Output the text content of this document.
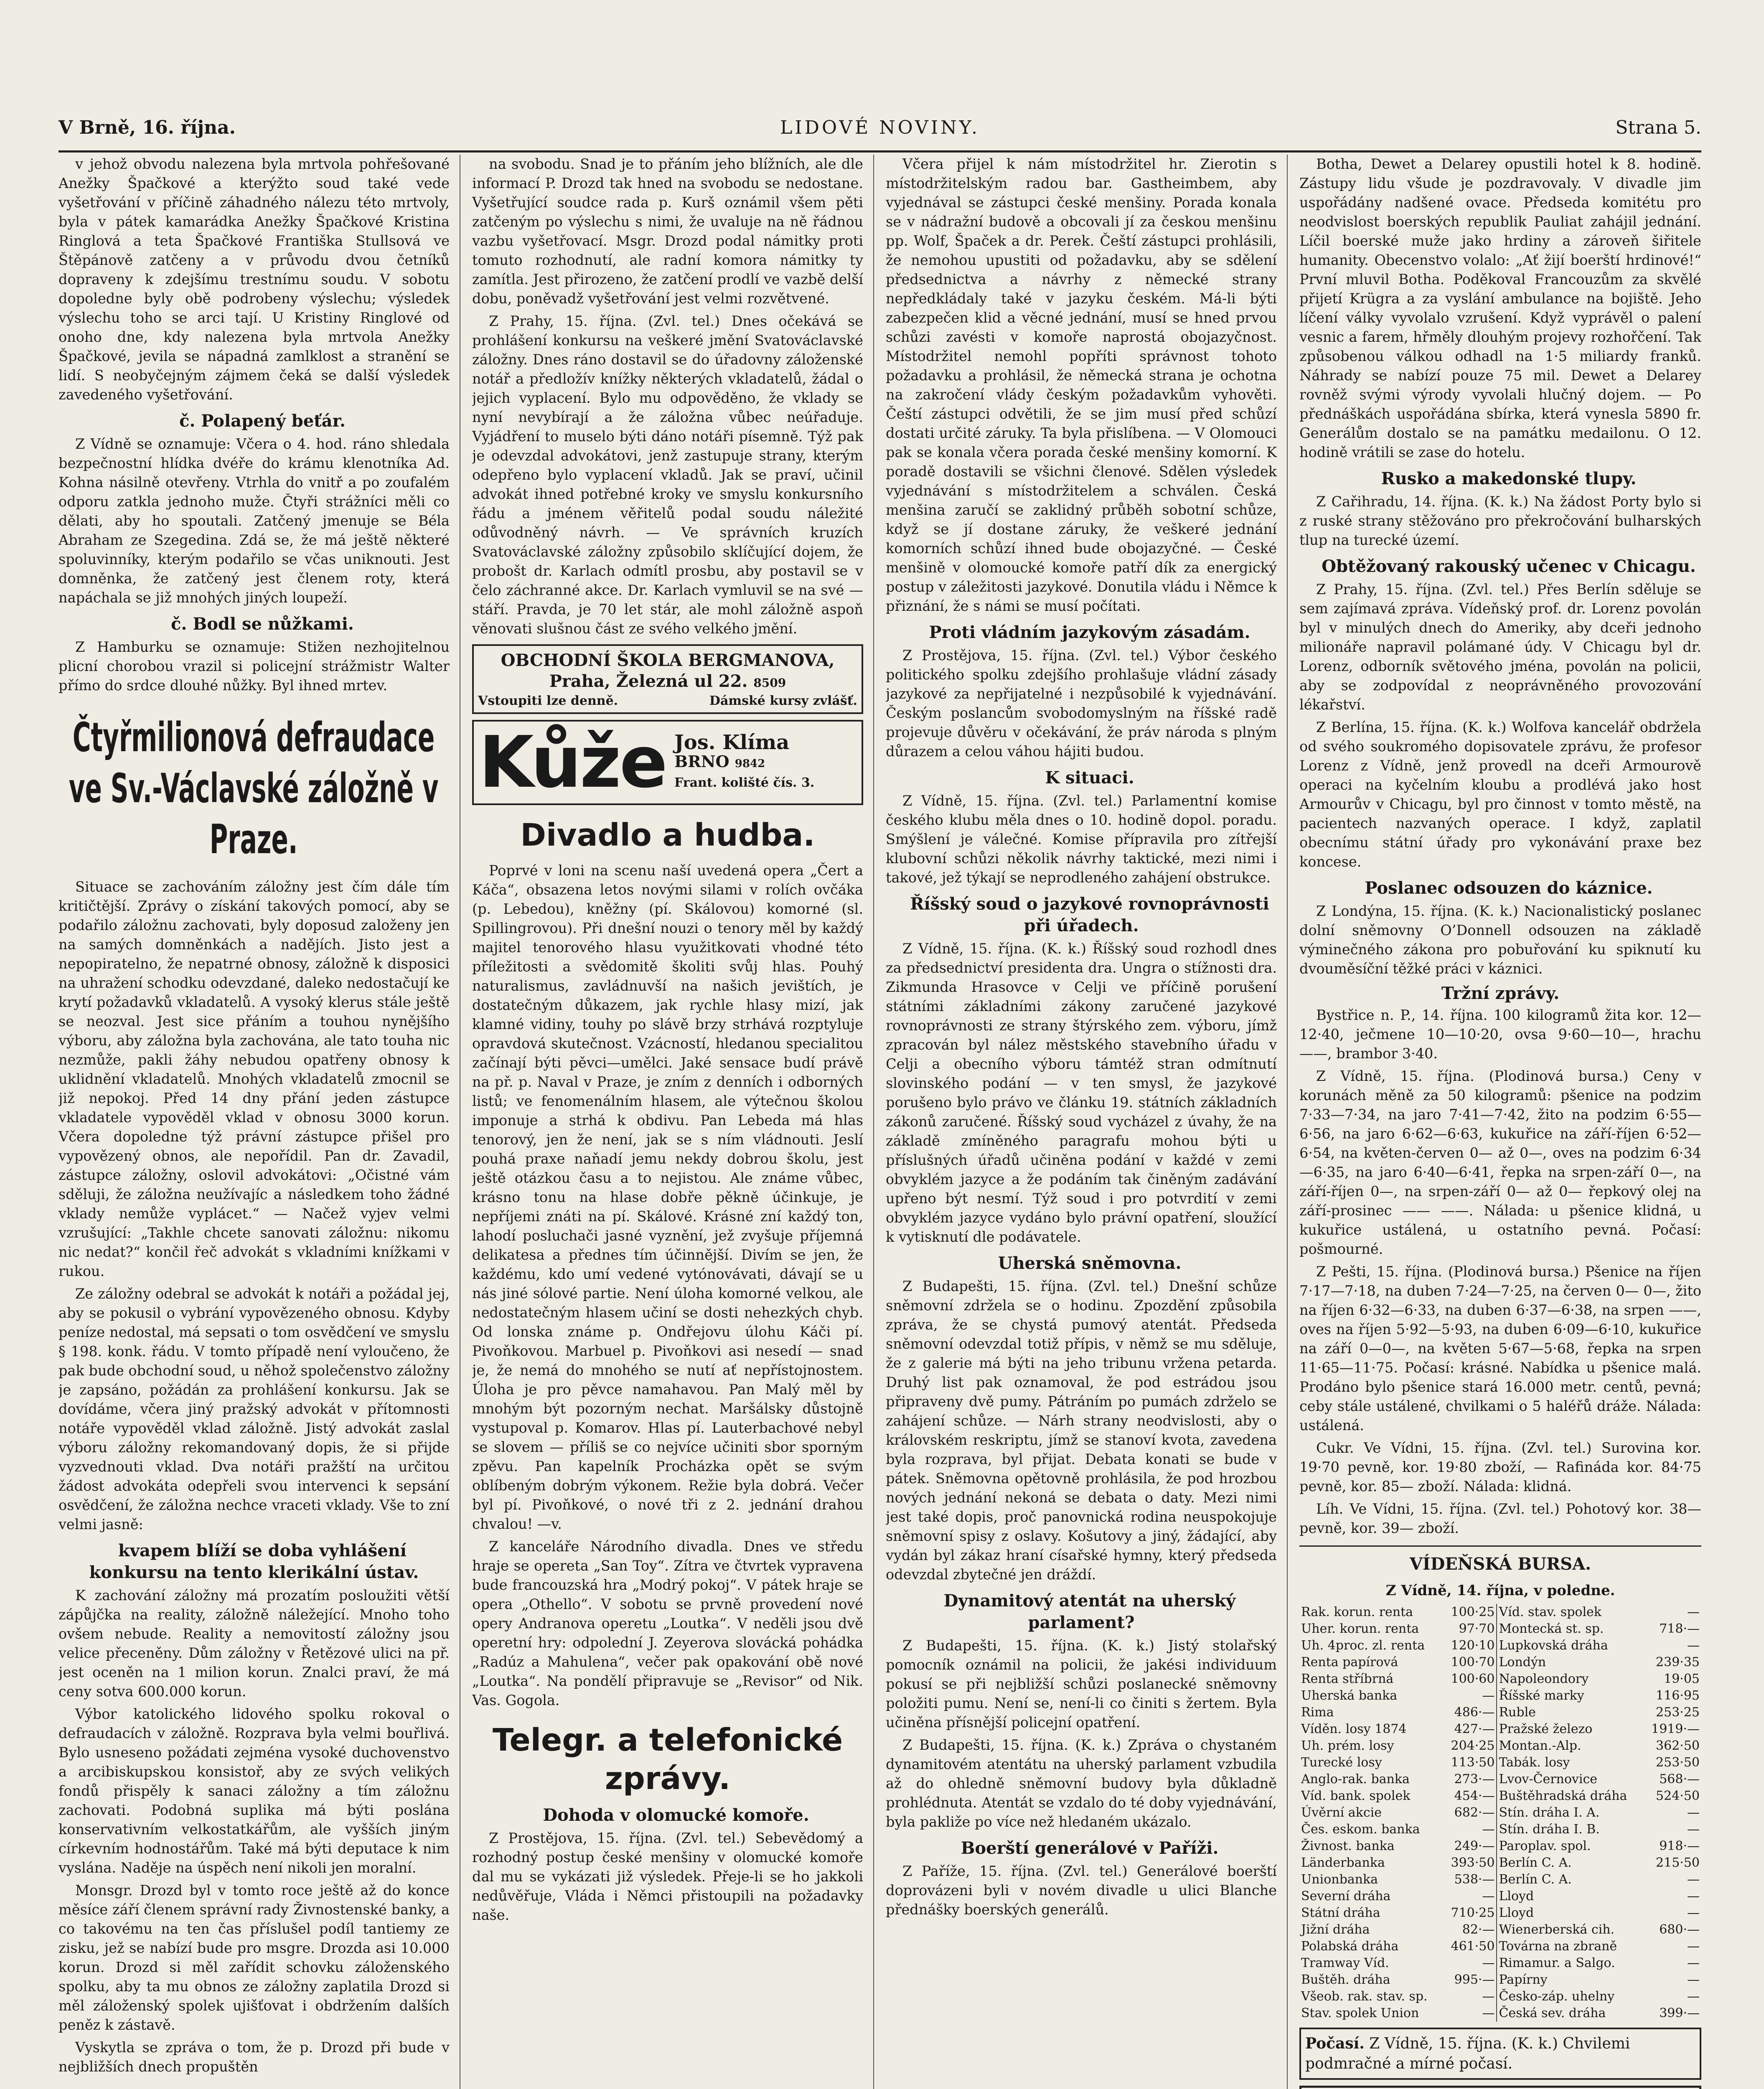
V Brně, 16. října.	LIDOVÉ NOVINY.	Strana 5.

v jehož obvodu nalezena byla mrtvola pohřešované Anežky Špačkové a kterýžto soud také vede vyšetřování v příčině záhadného nálezu této mrtvoly, byla v pátek kamarádka Anežky Špačkové Kristina Ringlová a teta Špačkové Františka Stullsová ve Štěpánově zatčeny a v průvodu dvou četníků dopraveny k zdejšímu trestnímu soudu. V sobotu dopoledne byly obě podrobeny výslechu; výsledek výslechu toho se arci tají. U Kristiny Ringlové od onoho dne, kdy nalezena byla mrtvola Anežky Špačkové, jevila se nápadná zamlklost a stranění se lidí. S neobyčejným zájmem čeká se další výsledek zavedeného vyšetřování.

č. Polapený beťár.

Z Vídně se oznamuje: Včera o 4. hod. ráno shledala bezpečnostní hlídka dvéře do krámu klenotníka Ad. Kohna násilně otevřeny. Vtrhla do vnitř a po zoufalém odporu zatkla jednoho muže. Čtyři strážníci měli co dělati, aby ho spoutali. Zatčený jmenuje se Béla Abraham ze Szegedina. Zdá se, že má ještě některé spoluvinníky, kterým podařilo se včas uniknouti. Jest domněnka, že zatčený jest členem roty, která napáchala se již mnohých jiných loupeží.

č. Bodl se nůžkami.

Z Hamburku se oznamuje: Stižen nezhojitelnou plicní chorobou vrazil si policejní strážmistr Walter přímo do srdce dlouhé nůžky. Byl ihned mrtev.

Čtyřmilionová defraudace ve Sv.-Václavské záložně v Praze.

Situace se zachováním záložny jest čím dále tím kritičtější. Zprávy o získání takových pomocí, aby se podařilo záložnu zachovati, byly doposud založeny jen na samých domněnkách a nadějích. Jisto jest a nepopiratelno, že nepatrné obnosy, záložně k disposici na uhražení schodku odevzdané, daleko nedostačují ke krytí požadavků vkladatelů. A vysoký klerus stále ještě se neozval. Jest sice přáním a touhou nynějšího výboru, aby záložna byla zachována, ale tato touha nic nezmůže, pakli žáhy nebudou opatřeny obnosy k uklidnění vkladatelů. Mnohých vkladatelů zmocnil se již nepokoj. Před 14 dny přání jeden zástupce vkladatele vypověděl vklad v obnosu 3000 korun. Včera dopoledne týž právní zástupce přišel pro vypovězený obnos, ale nepořídil. Pan dr. Zavadil, zástupce záložny, oslovil advokátovi: „Očistné vám sděluji, že záložna neužívajíc a následkem toho žádné vklady nemůže vyplácet.“ — Načež vyjev velmi vzrušující: „Takhle chcete sanovati záložnu: nikomu nic nedat?“ končil řeč advokát s vkladními knížkami v rukou.

Ze záložny odebral se advokát k notáři a požádal jej, aby se pokusil o vybrání vypovězeného obnosu. Kdyby peníze nedostal, má sepsati o tom osvědčení ve smyslu § 198. konk. řádu. V tomto případě není vyloučeno, že pak bude obchodní soud, u něhož společenstvo záložny je zapsáno, požádán za prohlášení konkursu. Jak se dovídáme, včera jiný pražský advokát v přítomnosti notáře vypověděl vklad záložně. Jistý advokát zaslal výboru záložny rekomandovaný dopis, že si přijde vyzvednouti vklad. Dva notáři pražští na určitou žádost advokáta odepřeli svou intervenci k sepsání osvědčení, že záložna nechce vraceti vklady. Vše to zní velmi jasně:

kvapem blíží se doba vyhlášení konkursu na tento klerikální ústav.

K zachování záložny má prozatím posloužiti větší zápůjčka na reality, záložně náležející. Mnoho toho ovšem nebude. Reality a nemovitostí záložny jsou velice přeceněny. Dům záložny v Řetězové ulici na př. jest oceněn na 1 milion korun. Znalci praví, že má ceny sotva 600.000 korun.

Výbor katolického lidového spolku rokoval o defraudacích v záložně. Rozprava byla velmi bouřlivá. Bylo usneseno požádati zejména vysoké duchovenstvo a arcibiskupskou konsistoř, aby ze svých velikých fondů přispěly k sanaci záložny a tím záložnu zachovati. Podobná suplika má býti poslána konservativním velkostatkářům, ale vyšších jiným církevním hodnostářům. Také má býti deputace k nim vyslána. Naděje na úspěch není nikoli jen moralní.

Monsgr. Drozd byl v tomto roce ještě až do konce měsíce září členem správní rady Živnostenské banky, a co takovému na ten čas příslušel podíl tantiemy ze zisku, jež se nabízí bude pro msgre. Drozda asi 10.000 korun. Drozd si měl zařídit schovku záloženského spolku, aby ta mu obnos ze záložny zaplatila Drozd si měl záloženský spolek ujišťovat i obdržením dalších peněz k zástavě.

Vyskytla se zpráva o tom, že p. Drozd při bude v nejbližších dnech propuštěn

na svobodu. Snad je to přáním jeho blížních, ale dle informací P. Drozd tak hned na svobodu se nedostane. Vyšetřující soudce rada p. Kurš oznámil všem pěti zatčeným po výslechu s nimi, že uvaluje na ně řádnou vazbu vyšetřovací. Msgr. Drozd podal námitky proti tomuto rozhodnutí, ale radní komora námitky ty zamítla. Jest přirozeno, že zatčení prodlí ve vazbě delší dobu, poněvadž vyšetřování jest velmi rozvětvené.

Z Prahy, 15. října. (Zvl. tel.) Dnes očekává se prohlášení konkursu na veškeré jmění Svatováclavské záložny. Dnes ráno dostavil se do úřadovny záloženské notář a předložív knížky některých vkladatelů, žádal o jejich vyplacení. Bylo mu odpověděno, že vklady se nyní nevybírají a že záložna vůbec neúřaduje. Vyjádření to muselo býti dáno notáři písemně. Týž pak je odevzdal advokátovi, jenž zastupuje strany, kterým odepřeno bylo vyplacení vkladů. Jak se praví, učinil advokát ihned potřebné kroky ve smyslu konkursního řádu a jménem věřitelů podal soudu náležité odůvodněný návrh. — Ve správních kruzích Svatováclavské záložny způsobilo sklíčující dojem, že probošt dr. Karlach odmítl prosbu, aby postavil se v čelo záchranné akce. Dr. Karlach vymluvil se na své — stáří. Pravda, je 70 let stár, ale mohl záložně aspoň věnovati slušnou část ze svého velkého jmění.

OBCHODNÍ ŠKOLA BERGMANOVA,
Praha, Železná ul 22. 8509
Vstoupiti lze denně.	Dámské kursy zvlášť.
Kůže Jos. Klíma
BRNO 9842
Frant. kolišté čís. 3.
Divadlo a hudba.

Poprvé v loni na scenu naší uvedená opera „Čert a Káča“, obsazena letos novými silami v rolích ovčáka (p. Lebedou), kněžny (pí. Skálovou) komorné (sl. Spillingrovou). Při dnešní nouzi o tenory měl by každý majitel tenorového hlasu využitkovati vhodné této příležitosti a svědomitě školiti svůj hlas. Pouhý naturalismus, zavládnuvší na našich jevištích, je dostatečným důkazem, jak rychle hlasy mizí, jak klamné vidiny, touhy po slávě brzy strhává rozptyluje opravdová skutečnost. Vzácností, hledanou specialitou začínají býti pěvci—umělci. Jaké sensace budí právě na př. p. Naval v Praze, je zním z denních i odborných listů; ve fenomenálním hlasem, ale výtečnou školou imponuje a strhá k obdivu. Pan Lebeda má hlas tenorový, jen že není, jak se s ním vládnouti. Jeslí pouhá praxe naňadí jemu nekdy dobrou školu, jest ještě otázkou času a to nejistou. Ale známe vůbec, krásno tonu na hlase dobře pěkně účinkuje, je nepříjemi znáti na pí. Skálové. Krásné zní každý ton, lahodí posluchači jasné vyznění, jež zvyšuje příjemná delikatesa a přednes tím účinnější. Divím se jen, že každému, kdo umí vedené vytónovávati, dávají se u nás jiné sólové partie. Není úloha komorné velkou, ale nedostatečným hlasem učiní se dosti nehezkých chyb. Od lonska známe p. Ondřejovu úlohu Káči pí. Pivoňkovou. Marbuel p. Pivoňkovi asi nesedí — snad je, že nemá do mnohého se nutí ať nepřístojnostem. Úloha je pro pěvce namahavou. Pan Malý měl by mnohým být pozorným nechat. Maršálsky důstojně vystupoval p. Komarov. Hlas pí. Lauterbachové nebyl se slovem — příliš se co nejvíce učiniti sbor sporným zpěvu. Pan kapelník Procházka opět se svým oblíbeným dobrým výkonem. Režie byla dobrá. Večer byl pí. Pivoňkové, o nové tři z 2. jednání drahou chvalou! —v.

Z kanceláře Národního divadla. Dnes ve středu hraje se opereta „San Toy“. Zítra ve čtvrtek vypravena bude francouzská hra „Modrý pokoj“. V pátek hraje se opera „Othello“. V sobotu se prvně provedení nové opery Andranova operetu „Loutka“. V neděli jsou dvě operetní hry: odpolední J. Zeyerova slovácká pohádka „Radúz a Mahulena“, večer pak opakování obě nové „Loutka“. Na pondělí připravuje se „Revisor“ od Nik. Vas. Gogola.

Telegr. a telefonické zprávy.

Dohoda v olomucké komoře.

Z Prostějova, 15. října. (Zvl. tel.) Sebevědomý a rozhodný postup české menšiny v olomucké komoře dal mu se vykázati již výsledek. Přeje-li se ho jakkoli nedůvěřuje, Vláda i Němci přistoupili na požadavky naše.

Včera přijel k nám místodržitel hr. Zierotin s místodržitelským radou bar. Gastheimbem, aby vyjednával se zástupci české menšiny. Porada konala se v nádražní budově a obcovali jí za českou menšinu pp. Wolf, Špaček a dr. Perek. Čeští zástupci prohlásili, že nemohou upustiti od požadavku, aby se sdělení předsednictva a návrhy z německé strany nepředkládaly také v jazyku českém. Má-li býti zabezpečen klid a věcné jednání, musí se hned prvou schůzi zavésti v komoře naprostá obojazyčnost. Místodržitel nemohl popříti správnost tohoto požadavku a prohlásil, že německá strana je ochotna na zakročení vlády českým požadavkům vyhověti. Čeští zástupci odvětili, že se jim musí před schůzí dostati určité záruky. Ta byla přislíbena. — V Olomouci pak se konala včera porada české menšiny komorní. K poradě dostavili se všichni členové. Sdělen výsledek vyjednávání s místodržitelem a schválen. Česká menšina zaručí se zaklidný průběh sobotní schůze, když se jí dostane záruky, že veškeré jednání komorních schůzí ihned bude obojazyčné. — České menšině v olomoucké komoře patří dík za energický postup v záležitosti jazykové. Donutila vládu i Němce k přiznání, že s námi se musí počítati.

Proti vládním jazykovým zásadám.

Z Prostějova, 15. října. (Zvl. tel.) Výbor českého politického spolku zdejšího prohlašuje vládní zásady jazykové za nepřijatelné i nezpůsobilé k vyjednávání. Českým poslancům svobodomyslným na říšské radě projevuje důvěru v očekávání, že práv národa s plným důrazem a celou váhou hájiti budou.

K situaci.

Z Vídně, 15. října. (Zvl. tel.) Parlamentní komise českého klubu měla dnes o 10. hodině dopol. poradu. Smýšlení je válečné. Komise přípravila pro zítřejší klubovní schůzi několik návrhy taktické, mezi nimi i takové, jež týkají se neprodleného zahájení obstrukce.

Říšský soud o jazykové rovnoprávnosti při úřadech.

Z Vídně, 15. října. (K. k.) Říšský soud rozhodl dnes za předsednictví presidenta dra. Ungra o stížnosti dra. Zikmunda Hrasovce v Celji ve příčině porušení státními základními zákony zaručené jazykové rovnoprávnosti ze strany štýrského zem. výboru, jímž zpracován byl nález městského stavebního úřadu v Celji a obecního výboru támtéž stran odmítnutí slovinského podání — v ten smysl, že jazykové porušeno bylo právo ve článku 19. státních základních zákonů zaručené. Říšský soud vycházel z úvahy, že na základě zmíněného paragrafu mohou býti u příslušných úřadů učiněna podání v každé v zemi obvyklém jazyce a že podáním tak činěným zadávání upřeno být nesmí. Týž soud i pro potvrdití v zemi obvyklém jazyce vydáno bylo právní opatření, sloužící k vytisknutí dle podávatele.

Uherská sněmovna.

Z Budapešti, 15. října. (Zvl. tel.) Dnešní schůze sněmovní zdržela se o hodinu. Zpozdění způsobila zpráva, že se chystá pumový atentát. Předseda sněmovní odevzdal totiž přípis, v němž se mu sděluje, že z galerie má býti na jeho tribunu vržena petarda. Druhý list pak oznamoval, že pod estrádou jsou připraveny dvě pumy. Pátráním po pumách zdrželo se zahájení schůze. — Nárh strany neodvislosti, aby o královském reskriptu, jímž se stanoví kvota, zavedena byla rozprava, byl přijat. Debata konati se bude v pátek. Sněmovna opětovně prohlásila, že pod hrozbou nových jednání nekoná se debata o daty. Mezi nimi jest také dopis, proč panovnická rodina neuspokojuje sněmovní spisy z oslavy. Košutovy a jiný, žádající, aby vydán byl zákaz hraní císařské hymny, který předseda odevzdal zbytečné jen dráždí.

Dynamitový atentát na uherský parlament?

Z Budapešti, 15. října. (K. k.) Jistý stolařský pomocník oznámil na policii, že jakési individuum pokusí se při nejbližší schůzi poslanecké sněmovny položiti pumu. Není se, není-li co činiti s žertem. Byla učiněna přísnější policejní opatření.

Z Budapešti, 15. října. (K. k.) Zpráva o chystaném dynamitovém atentátu na uherský parlament vzbudila až do ohledně sněmovní budovy byla důkladně prohlédnuta. Atentát se vzdalo do té doby vyjednávání, byla pakliže po více než hledaném ukázalo.

Boerští generálové v Paříži.

Z Paříže, 15. října. (Zvl. tel.) Generálové boerští doprovázeni byli v novém divadle u ulici Blanche přednášky boerských generálů.

Botha, Dewet a Delarey opustili hotel k 8. hodině. Zástupy lidu všude je pozdravovaly. V divadle jim uspořádány nadšené ovace. Předseda komitétu pro neodvislost boerských republik Pauliat zahájil jednání. Líčil boerské muže jako hrdiny a zároveň šiřitele humanity. Obecenstvo volalo: „Ať žijí boerští hrdinové!“ První mluvil Botha. Poděkoval Francouzům za skvělé přijetí Krügra a za vyslání ambulance na bojiště. Jeho líčení války vyvolalo vzrušení. Když vyprávěl o palení vesnic a farem, hřměly dlouhým projevy rozhořčení. Tak způsobenou válkou odhadl na 1·5 miliardy franků. Náhrady se nabízí pouze 75 mil. Dewet a Delarey rovněž svými výrody vyvolali hlučný dojem. — Po přednáškách uspořádána sbírka, která vynesla 5890 fr. Generálům dostalo se na památku medailonu. O 12. hodině vrátili se zase do hotelu.

Rusko a makedonské tlupy.

Z Cařihradu, 14. října. (K. k.) Na žádost Porty bylo si z ruské strany stěžováno pro překročování bulharských tlup na turecké území.

Obtěžovaný rakouský učenec v Chicagu.

Z Prahy, 15. října. (Zvl. tel.) Přes Berlín sděluje se sem zajímavá zpráva. Vídeňský prof. dr. Lorenz povolán byl v minulých dnech do Ameriky, aby dceři jednoho milionáře napravil polámané údy. V Chicagu byl dr. Lorenz, odborník světového jména, povolán na policii, aby se zodpovídal z neoprávněného provozování lékařství.

Z Berlína, 15. října. (K. k.) Wolfova kancelář obdržela od svého soukromého dopisovatele zprávu, že profesor Lorenz z Vídně, jenž provedl na dceři Armourově operaci na kyčelním kloubu a prodlévá jako host Armourův v Chicagu, byl pro činnost v tomto městě, na pacientech nazvaných operace. I když, zaplatil obecnímu státní úřady pro vykonávání praxe bez koncese.

Poslanec odsouzen do káznice.

Z Londýna, 15. října. (K. k.) Nacionalistický poslanec dolní sněmovny O’Donnell odsouzen na základě výminečného zákona pro pobuřování ku spiknutí ku dvouměsíční těžké práci v káznici.

Tržní zprávy.

Bystřice n. P., 14. října. 100 kilogramů žita kor. 12—12·40, ječmene 10—10·20, ovsa 9·60—10—, hrachu ——, brambor 3·40.

Z Vídně, 15. října. (Plodinová bursa.) Ceny v korunách měně za 50 kilogramů: pšenice na podzim 7·33—7·34, na jaro 7·41—7·42, žito na podzim 6·55—6·56, na jaro 6·62—6·63, kukuřice na září-říjen 6·52—6·54, na květen-červen 0— až 0—, oves na podzim 6·34—6·35, na jaro 6·40—6·41, řepka na srpen-září 0—, na září-říjen 0—, na srpen-září 0— až 0— řepkový olej na září-prosinec —— ——. Nálada: u pšenice klidná, u kukuřice ustálená, u ostatního pevná. Počasí: pošmourné.

Z Pešti, 15. října. (Plodinová bursa.) Pšenice na říjen 7·17—7·18, na duben 7·24—7·25, na červen 0— 0—, žito na říjen 6·32—6·33, na duben 6·37—6·38, na srpen ——, oves na říjen 5·92—5·93, na duben 6·09—6·10, kukuřice na září 0—0—, na květen 5·67—5·68, řepka na srpen 11·65—11·75. Počasí: krásné. Nabídka u pšenice malá. Prodáno bylo pšenice stará 16.000 metr. centů, pevná; ceby stále ustálené, chvilkami o 5 haléřů dráže. Nálada: ustálená.

Cukr. Ve Vídni, 15. října. (Zvl. tel.) Surovina kor. 19·70 pevně, kor. 19·80 zboží, — Rafináda kor. 84·75 pevně, kor. 85— zboží. Nálada: klidná.

Líh. Ve Vídni, 15. října. (Zvl. tel.) Pohotový kor. 38— pevně, kor. 39— zboží.

VÍDEŇSKÁ BURSA.
Z Vídně, 14. října, v poledne.
Rak. korun. renta	100·25	Víd. stav. spolek	—
Uher. korun. renta	97·70	Montecká st. sp.	718·—
Uh. 4proc. zl. renta	120·10	Lupkovská dráha	—
Renta papírová	100·70	Londýn	239·35
Renta stříbrná	100·60	Napoleondory	19·05
Uherská banka	—	Říšské marky	116·95
Rima	486·—	Ruble	253·25
Víděn. losy 1874	427·—	Pražské železo	1919·—
Uh. prém. losy	204·25	Montan.-Alp.	362·50
Turecké losy	113·50	Tabák. losy	253·50
Anglo-rak. banka	273·—	Lvov-Černovice	568·—
Víd. bank. spolek	454·—	Buštěhradská dráha	524·50
Úvěrní akcie	682·—	Stín. dráha I. A.	—
Čes. eskom. banka	—	Stín. dráha I. B.	—
Živnost. banka	249·—	Paroplav. spol.	918·—
Länderbanka	393·50	Berlín C. A.	215·50
Unionbanka	538·—	Berlín C. A.	—
Severní dráha	—	Lloyd	—
Státní dráha	710·25	Lloyd	—
Jižní dráha	82·—	Wienerberská cih.	680·—
Polabská dráha	461·50	Továrna na zbraně	—
Tramway Víd.	—	Rimamur. a Salgo.	—
Buštěh. dráha	995·—	Papírny	—
Všeob. rak. stav. sp.	—	Česko-záp. uhelny	—
Stav. spolek Union	—	Česká sev. dráha	399·—
Počasí. Z Vídně, 15. října. (K. k.) Chvilemi podmračné a mírné počasí.
